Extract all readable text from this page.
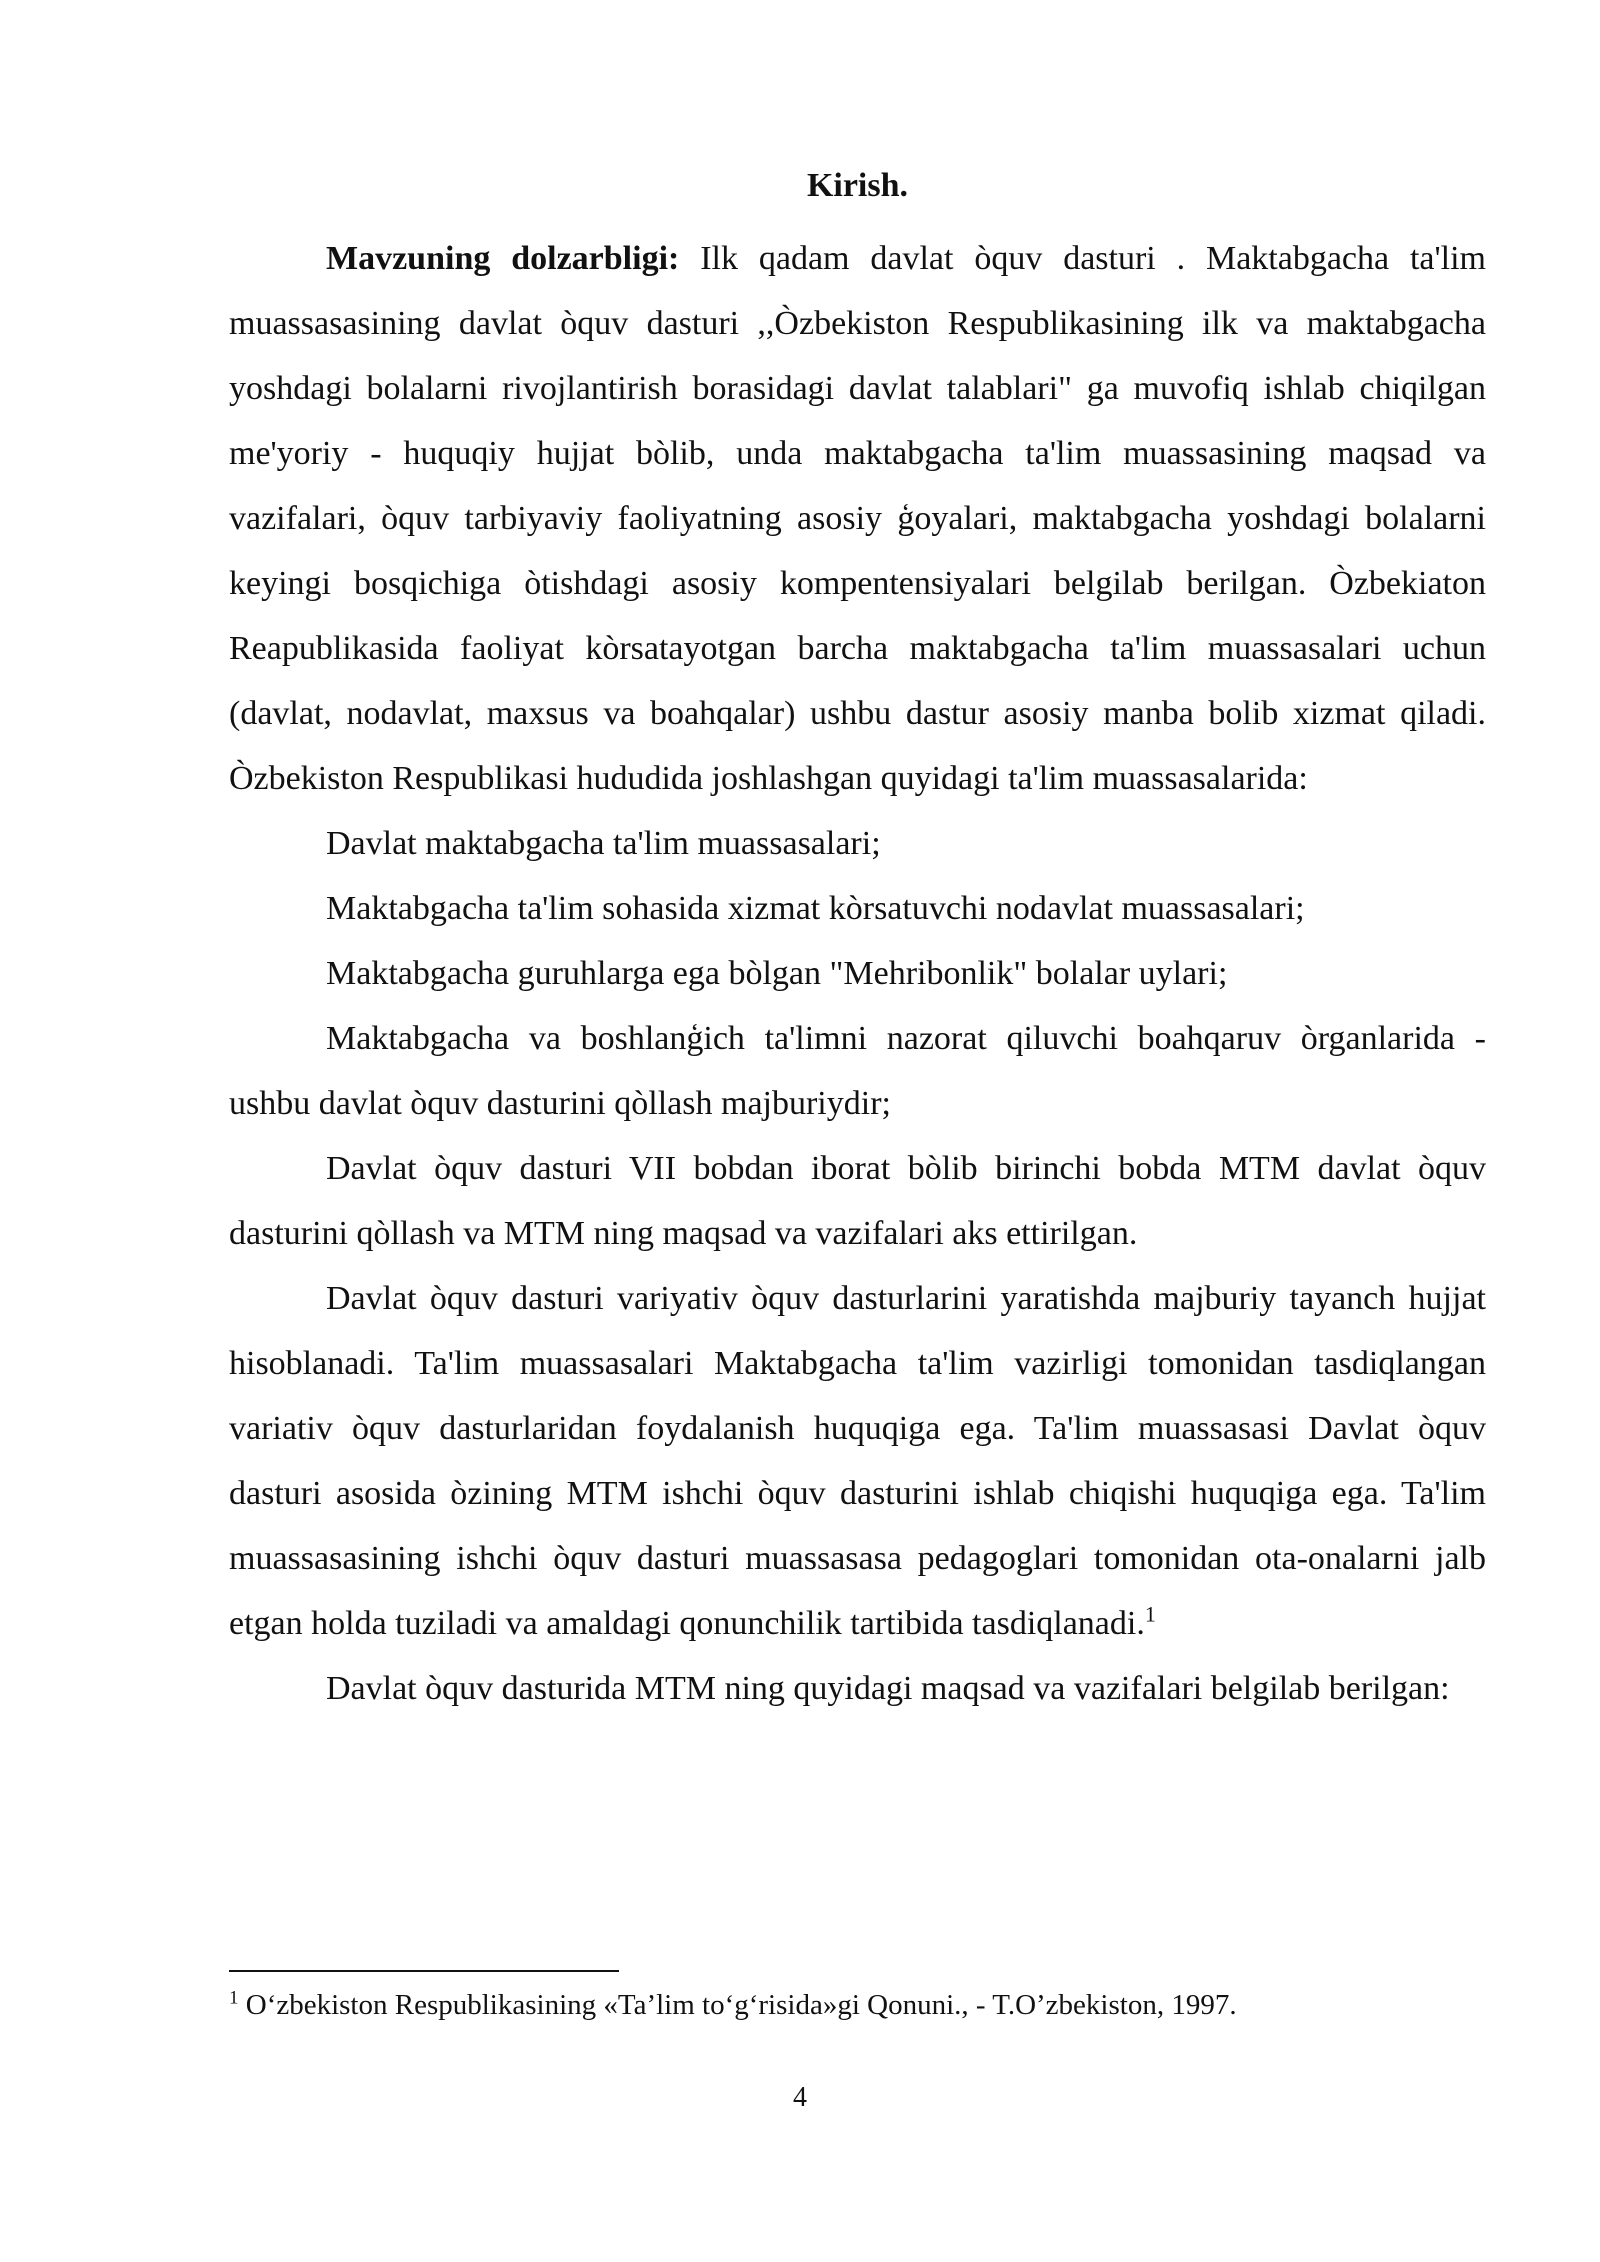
Kirish.

Mavzuning dolzarbligi: Ilk qadam davlat òquv dasturi . Maktabgacha ta'lim muassasasining davlat òquv dasturi ,,Òzbekiston Respublikasining ilk va maktabgacha yoshdagi bolalarni rivojlantirish borasidagi davlat talablari" ga muvofiq ishlab chiqilgan me'yoriy - huquqiy hujjat bòlib, unda maktabgacha ta'lim muassasining maqsad va vazifalari, òquv tarbiyaviy faoliyatning asosiy ģoyalari, maktabgacha yoshdagi bolalarni keyingi bosqichiga òtishdagi asosiy kompentensiyalari belgilab berilgan. Òzbekiaton Reapublikasida faoliyat kòrsatayotgan barcha maktabgacha ta'lim muassasalari uchun (davlat, nodavlat, maxsus va boahqalar) ushbu dastur asosiy manba bolib xizmat qiladi. Òzbekiston Respublikasi hududida joshlashgan quyidagi ta'lim muassasalarida:

Davlat maktabgacha ta'lim muassasalari;

Maktabgacha ta'lim sohasida xizmat kòrsatuvchi nodavlat muassasalari;

Maktabgacha guruhlarga ega bòlgan "Mehribonlik" bolalar uylari;

Maktabgacha va boshlanģich ta'limni nazorat qiluvchi boahqaruv òrganlarida - ushbu davlat òquv dasturini qòllash majburiydir;

Davlat òquv dasturi VII bobdan iborat bòlib birinchi bobda MTM davlat òquv dasturini qòllash va MTM ning maqsad va vazifalari aks ettirilgan.

Davlat òquv dasturi variyativ òquv dasturlarini yaratishda majburiy tayanch hujjat hisoblanadi. Ta'lim muassasalari Maktabgacha ta'lim vazirligi tomonidan tasdiqlangan variativ òquv dasturlaridan foydalanish huquqiga ega. Ta'lim muassasasi Davlat òquv dasturi asosida òzining MTM ishchi òquv dasturini ishlab chiqishi huquqiga ega. Ta'lim muassasasining ishchi òquv dasturi muassasasa pedagoglari tomonidan ota-onalarni jalb etgan holda tuziladi va amaldagi qonunchilik tartibida tasdiqlanadi.$^1$

Davlat òquv dasturida MTM ning quyidagi maqsad va vazifalari belgilab berilgan:

$^1$ O‘zbekiston Respublikasining «Ta’lim to‘g‘risida»gi Qonuni., - T.O’zbekiston, 1997.
4
